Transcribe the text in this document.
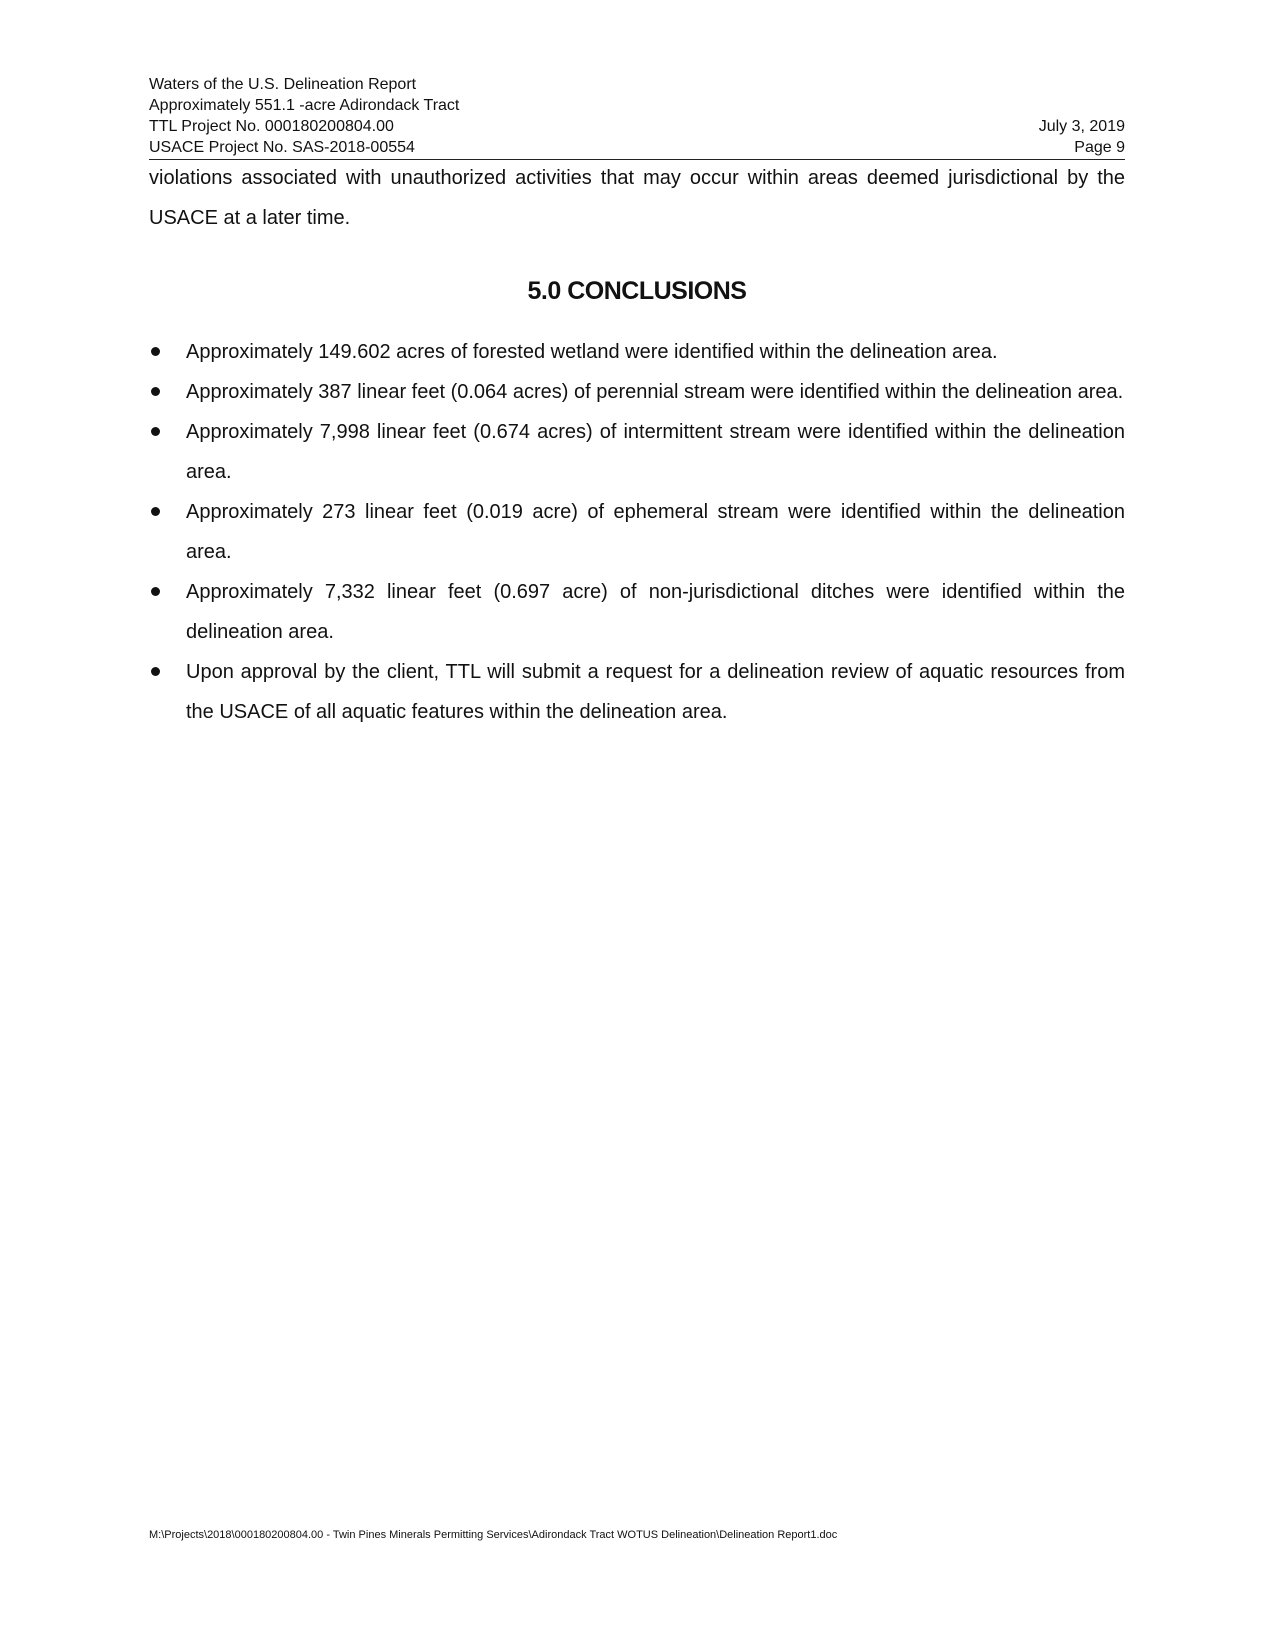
Waters of the U.S. Delineation Report
Approximately 551.1 -acre Adirondack Tract
TTL Project No. 000180200804.00	July 3, 2019
USACE Project No. SAS-2018-00554	Page 9

violations associated with unauthorized activities that may occur within areas deemed jurisdictional by the USACE at a later time.

5.0 CONCLUSIONS
Approximately 149.602 acres of forested wetland were identified within the delineation area.
Approximately 387 linear feet (0.064 acres) of perennial stream were identified within the delineation area.
Approximately 7,998 linear feet (0.674 acres) of intermittent stream were identified within the delineation area.
Approximately 273 linear feet (0.019 acre) of ephemeral stream were identified within the delineation area.
Approximately 7,332 linear feet (0.697 acre) of non-jurisdictional ditches were identified within the delineation area.
Upon approval by the client, TTL will submit a request for a delineation review of aquatic resources from the USACE of all aquatic features within the delineation area.
M:\Projects\2018\000180200804.00 - Twin Pines Minerals Permitting Services\Adirondack Tract WOTUS Delineation\Delineation Report1.doc
